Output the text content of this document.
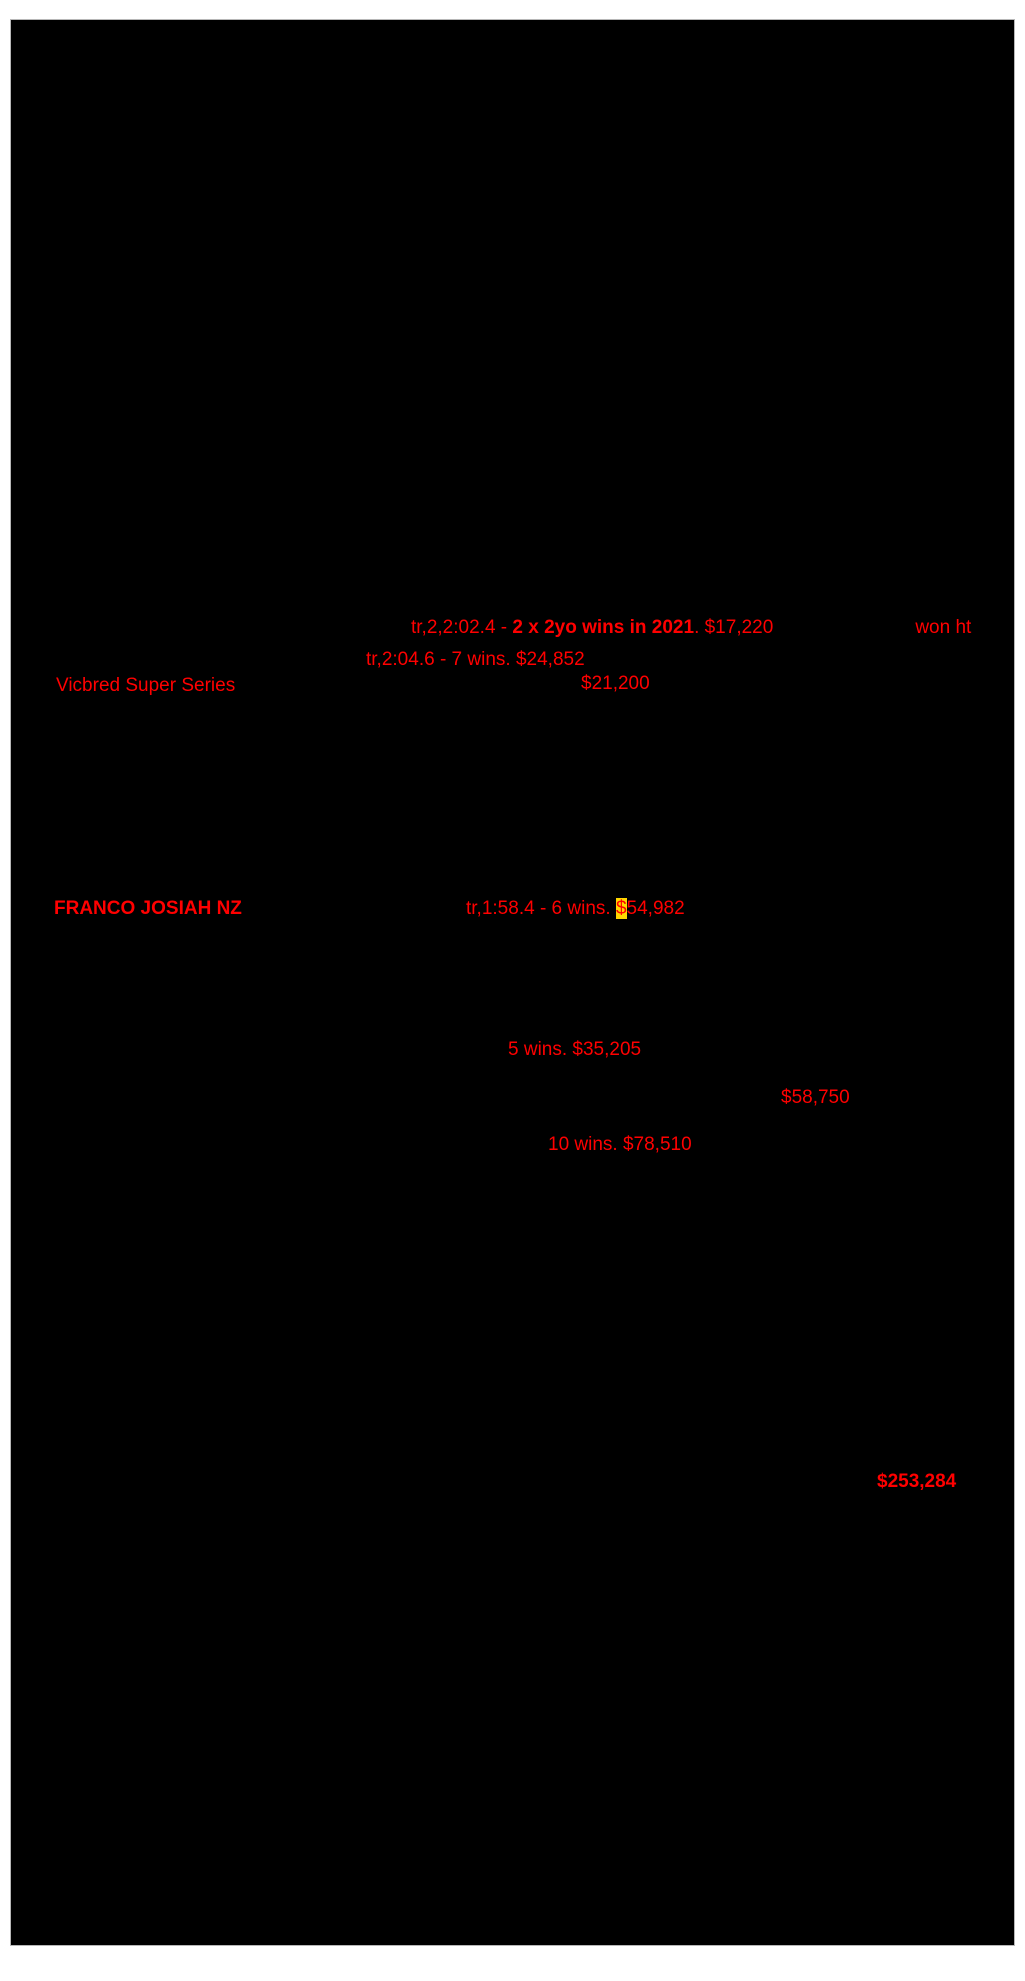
tr,2,2:02.4 - 2 x 2yo wins in 2021. $17,220	won ht
Vicbred Super Series
tr,2:04.6 - 7 wins. $24,852
$21,200
FRANCO JOSIAH NZ	tr,1:58.4 - 6 wins. $54,982
5 wins. $35,205
$58,750
10 wins. $78,510
$253,284
